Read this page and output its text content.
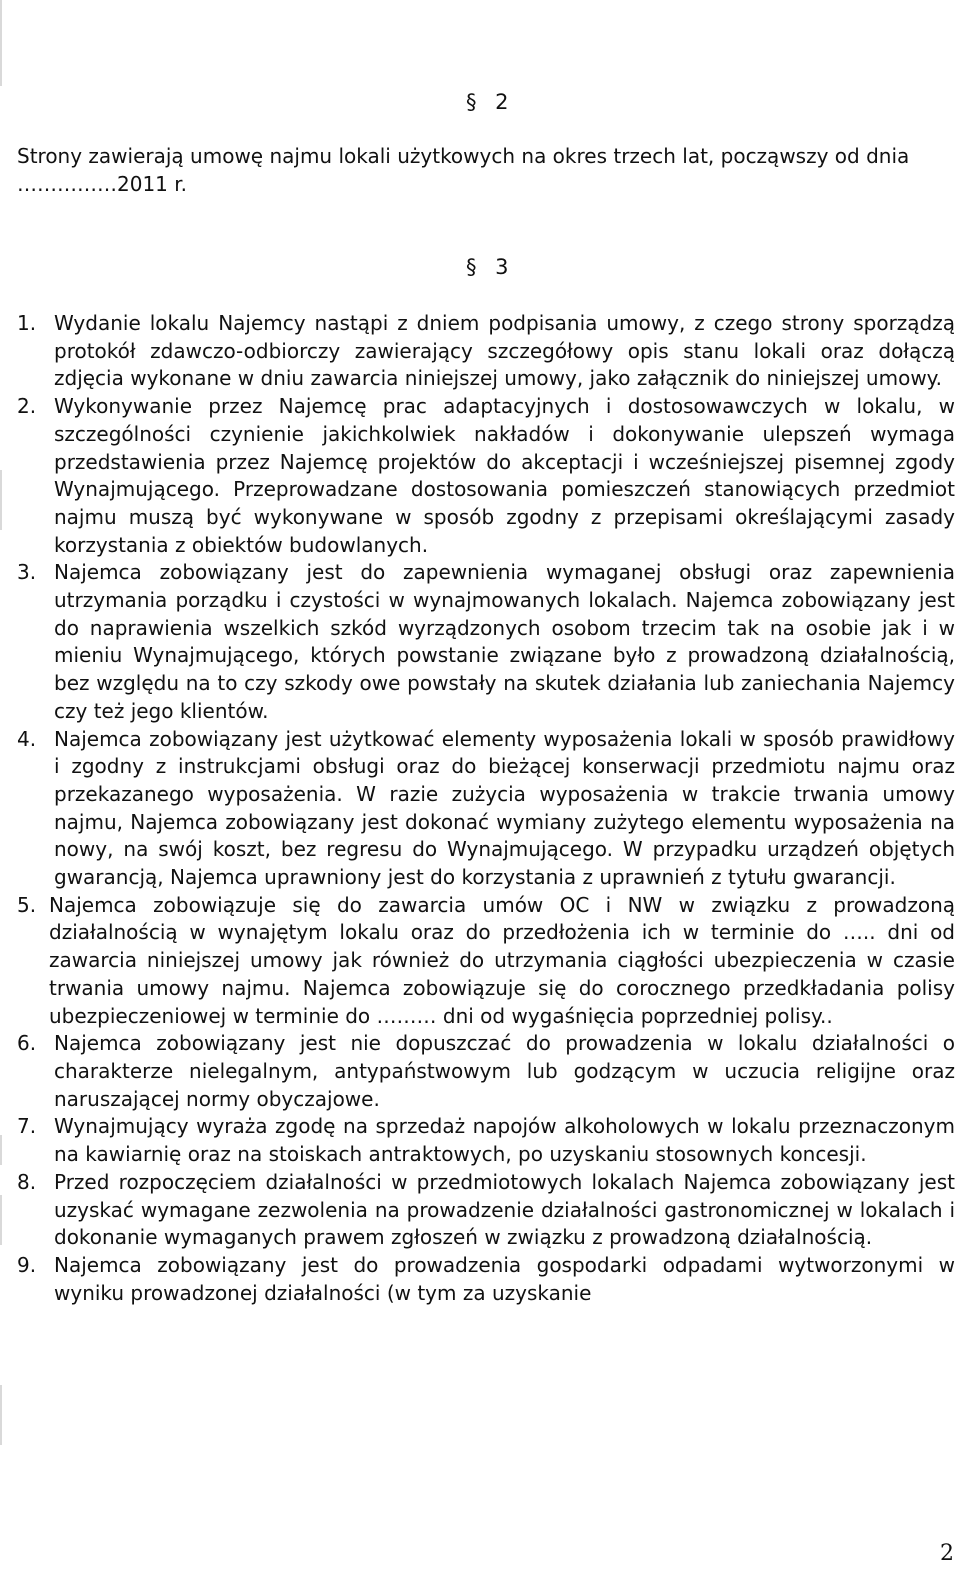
§ 2

Strony zawierają umowę najmu lokali użytkowych na okres trzech lat, począwszy od dnia ……………2011 r.

§ 3
1. Wydanie lokalu Najemcy nastąpi z dniem podpisania umowy, z czego strony sporządzą protokół zdawczo-odbiorczy zawierający szczegółowy opis stanu lokali oraz dołączą zdjęcia wykonane w dniu zawarcia niniejszej umowy, jako załącznik do niniejszej umowy.
2. Wykonywanie przez Najemcę prac adaptacyjnych i dostosowawczych w lokalu, w szczególności czynienie jakichkolwiek nakładów i dokonywanie ulepszeń wymaga przedstawienia przez Najemcę projektów do akceptacji i wcześniejszej pisemnej zgody Wynajmującego. Przeprowadzane dostosowania pomieszczeń stanowiących przedmiot najmu muszą być wykonywane w sposób zgodny z przepisami określającymi zasady korzystania z obiektów budowlanych.
3. Najemca zobowiązany jest do zapewnienia wymaganej obsługi oraz zapewnienia utrzymania porządku i czystości w wynajmowanych lokalach. Najemca zobowiązany jest do naprawienia wszelkich szkód wyrządzonych osobom trzecim tak na osobie jak i w mieniu Wynajmującego, których powstanie związane było z prowadzoną działalnością, bez względu na to czy szkody owe powstały na skutek działania lub zaniechania Najemcy czy też jego klientów.
4. Najemca zobowiązany jest użytkować elementy wyposażenia lokali w sposób prawidłowy i zgodny z instrukcjami obsługi oraz do bieżącej konserwacji przedmiotu najmu oraz przekazanego wyposażenia. W razie zużycia wyposażenia w trakcie trwania umowy najmu, Najemca zobowiązany jest dokonać wymiany zużytego elementu wyposażenia na nowy, na swój koszt, bez regresu do Wynajmującego. W przypadku urządzeń objętych gwarancją, Najemca uprawniony jest do korzystania z uprawnień z tytułu gwarancji.
5. Najemca zobowiązuje się do zawarcia umów OC i NW w związku z prowadzoną działalnością w wynajętym lokalu oraz do przedłożenia ich w terminie do ….. dni od zawarcia niniejszej umowy jak również do utrzymania ciągłości ubezpieczenia w czasie trwania umowy najmu. Najemca zobowiązuje się do corocznego przedkładania polisy ubezpieczeniowej w terminie do ……… dni od wygaśnięcia poprzedniej polisy..
6. Najemca zobowiązany jest nie dopuszczać do prowadzenia w lokalu działalności o charakterze nielegalnym, antypaństwowym lub godzącym w uczucia religijne oraz naruszającej normy obyczajowe.
7. Wynajmujący wyraża zgodę na sprzedaż napojów alkoholowych w lokalu przeznaczonym na kawiarnię oraz na stoiskach antraktowych, po uzyskaniu stosownych koncesji.
8. Przed rozpoczęciem działalności w przedmiotowych lokalach Najemca zobowiązany jest uzyskać wymagane zezwolenia na prowadzenie działalności gastronomicznej w lokalach i dokonanie wymaganych prawem zgłoszeń w związku z prowadzoną działalnością.
9. Najemca zobowiązany jest do prowadzenia gospodarki odpadami wytworzonymi w wyniku prowadzonej działalności (w tym za uzyskanie
2
